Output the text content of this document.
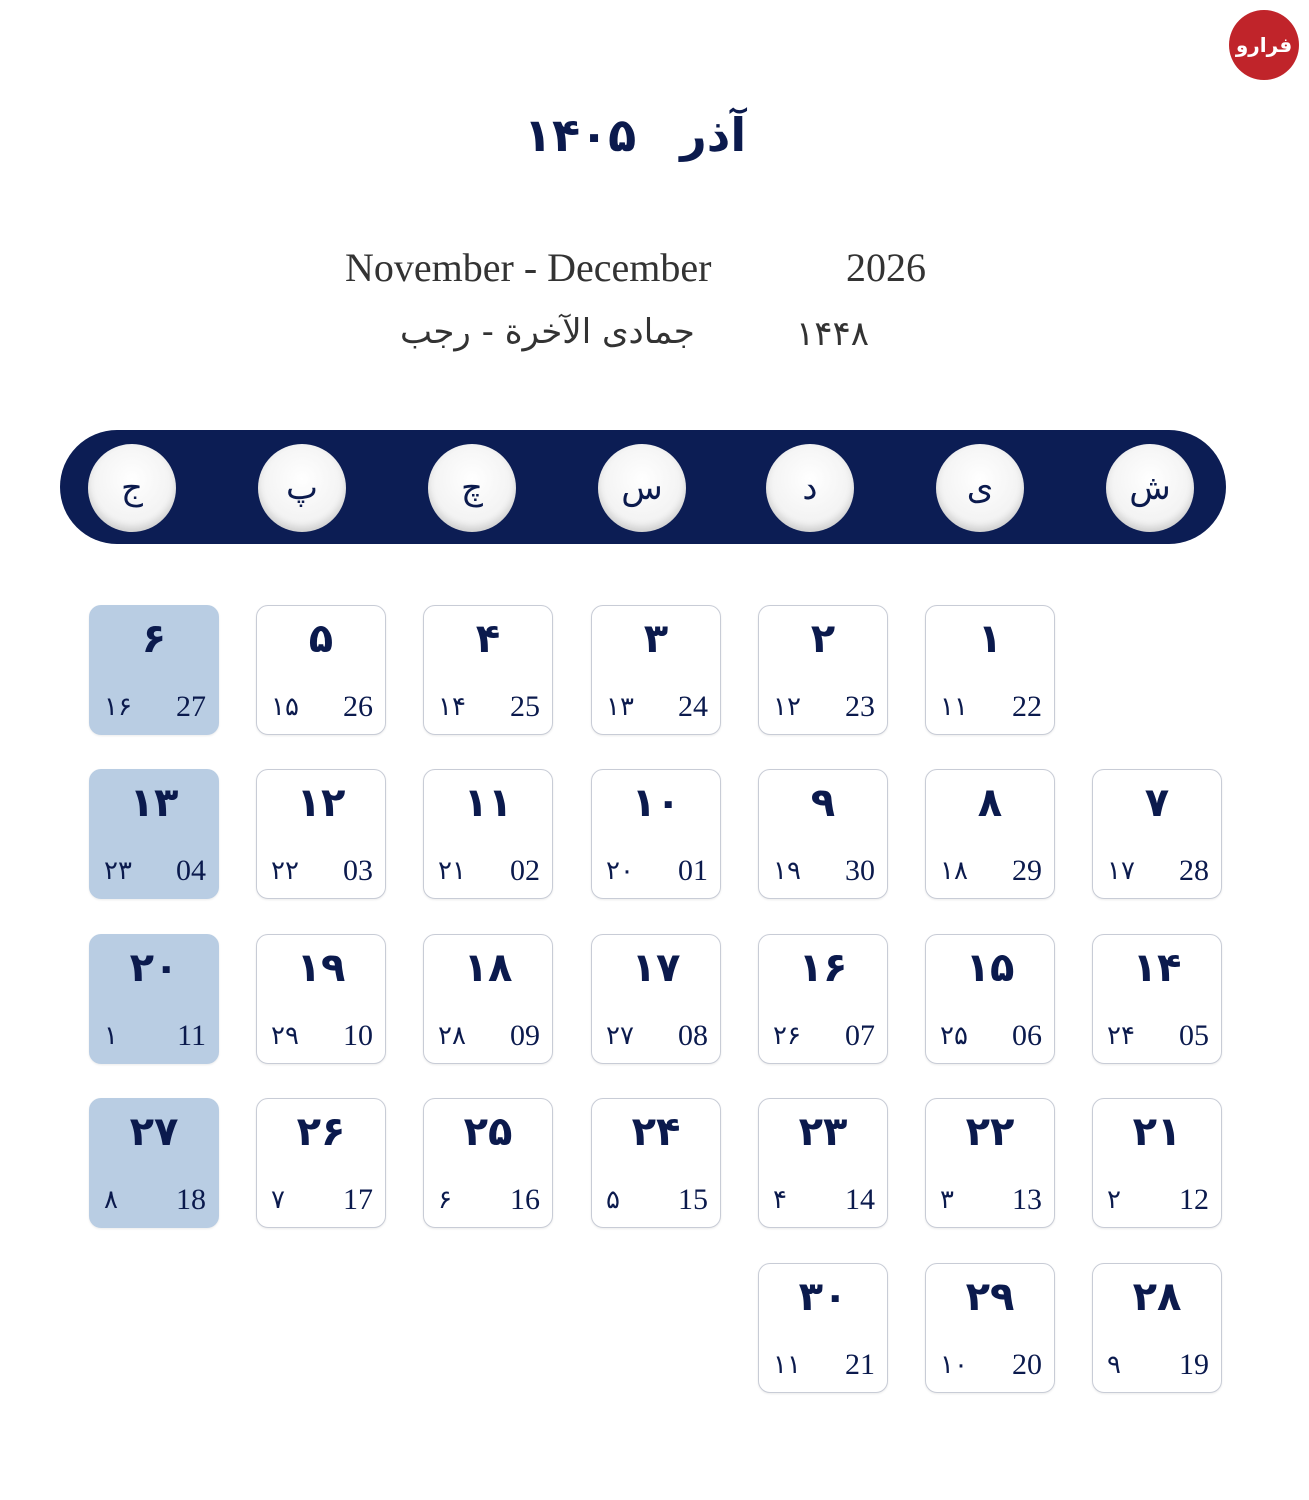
فرارو
آذر ۱۴۰۵
November - December	2026
جمادی الآخرة - رجب	۱۴۴۸
ش
ی
د
س
چ
پ
ج
۱
22
۱۱
۲
23
۱۲
۳
24
۱۳
۴
25
۱۴
۵
26
۱۵
۶
27
۱۶
۷
28
۱۷
۸
29
۱۸
۹
30
۱۹
۱۰
01
۲۰
۱۱
02
۲۱
۱۲
03
۲۲
۱۳
04
۲۳
۱۴
05
۲۴
۱۵
06
۲۵
۱۶
07
۲۶
۱۷
08
۲۷
۱۸
09
۲۸
۱۹
10
۲۹
۲۰
11
۱
۲۱
12
۲
۲۲
13
۳
۲۳
14
۴
۲۴
15
۵
۲۵
16
۶
۲۶
17
۷
۲۷
18
۸
۲۸
19
۹
۲۹
20
۱۰
۳۰
21
۱۱
